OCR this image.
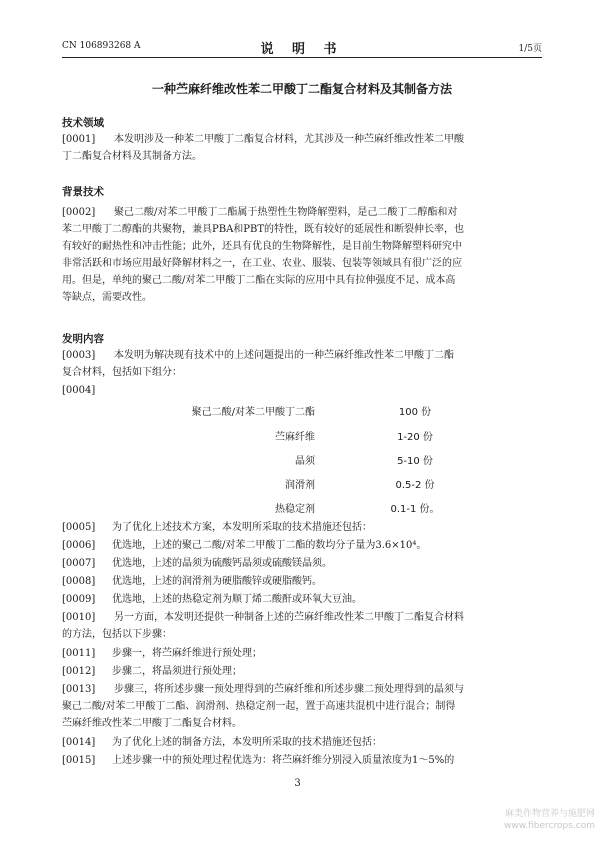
CN 106893268 A	说 明 书	1/5页
一种苎麻纤维改性苯二甲酸丁二酯复合材料及其制备方法
技术领域

[0001] 本发明涉及一种苯二甲酸丁二酯复合材料，尤其涉及一种苎麻纤维改性苯二甲酸
丁二酯复合材料及其制备方法。

背景技术

[0002] 聚己二酸/对苯二甲酸丁二酯属于热塑性生物降解塑料，是己二酸丁二醇酯和对
苯二甲酸丁二醇酯的共聚物，兼具PBA和PBT的特性，既有较好的延展性和断裂伸长率，也
有较好的耐热性和冲击性能；此外，还具有优良的生物降解性，是目前生物降解塑料研究中
非常活跃和市场应用最好降解材料之一，在工业、农业、服装、包装等领域具有很广泛的应
用。但是，单纯的聚己二酸/对苯二甲酸丁二酯在实际的应用中具有拉伸强度不足、成本高
等缺点，需要改性。

发明内容

[0003] 本发明为解决现有技术中的上述问题提出的一种苎麻纤维改性苯二甲酸丁二酯
复合材料，包括如下组分：

[0004]
聚己二酸/对苯二甲酸丁二酯	100 份
苎麻纤维	1-20 份
晶须	5-10 份
润滑剂	0.5-2 份
热稳定剂	0.1-1 份。
[0005] 为了优化上述技术方案，本发明所采取的技术措施还包括：
[0006] 优选地，上述的聚己二酸/对苯二甲酸丁二酯的数均分子量为3.6×10⁴。
[0007] 优选地，上述的晶须为硫酸钙晶须或硫酸镁晶须。
[0008] 优选地，上述的润滑剂为硬脂酸锌或硬脂酸钙。
[0009] 优选地，上述的热稳定剂为顺丁烯二酸酐或环氧大豆油。

[0010] 另一方面，本发明还提供一种制备上述的苎麻纤维改性苯二甲酸丁二酯复合材料
的方法，包括以下步骤：

[0011] 步骤一，将苎麻纤维进行预处理；
[0012] 步骤二，将晶须进行预处理；

[0013] 步骤三，将所述步骤一预处理得到的苎麻纤维和所述步骤二预处理得到的晶须与
聚己二酸/对苯二甲酸丁二酯、润滑剂、热稳定剂一起，置于高速共混机中进行混合；制得
苎麻纤维改性苯二甲酸丁二酯复合材料。

[0014] 为了优化上述的制备方法，本发明所采取的技术措施还包括：
[0015] 上述步骤一中的预处理过程优选为：将苎麻纤维分别浸入质量浓度为1～5%的
3
麻类作物营养与施肥网
www.fibercrops.com
